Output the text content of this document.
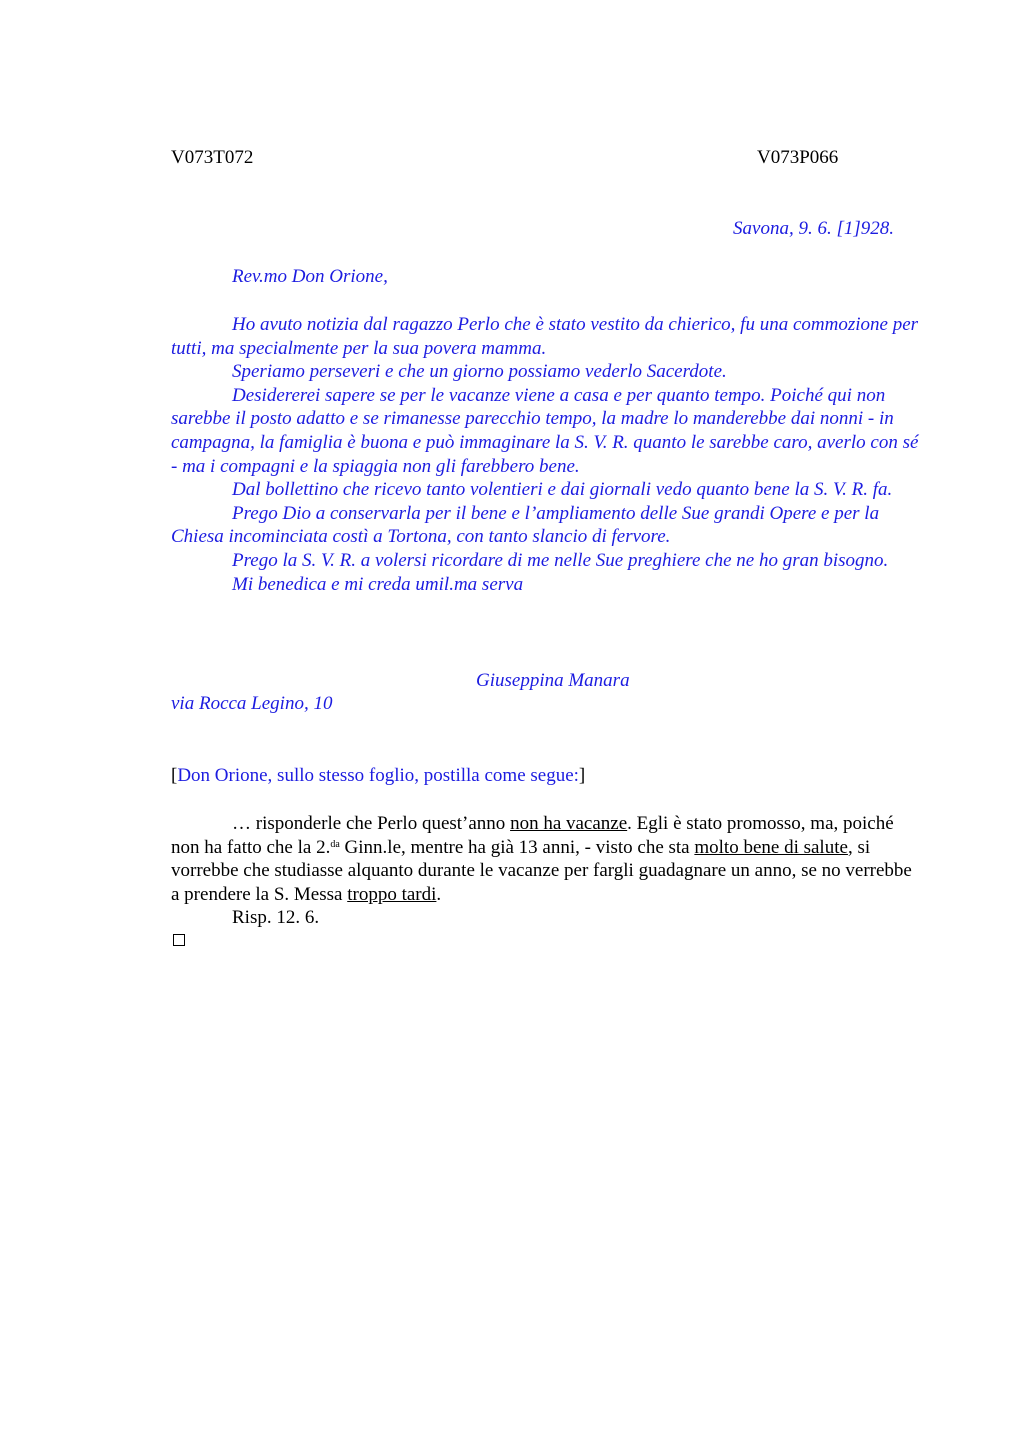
V073T072	V073P066
Savona, 9. 6. [1]928.
Rev.mo Don Orione,
Ho avuto notizia dal ragazzo Perlo che è stato vestito da chierico, fu una commozione per tutti, ma specialmente per la sua povera mamma.
Speriamo perseveri e che un giorno possiamo vederlo Sacerdote.
Desidererei sapere se per le vacanze viene a casa e per quanto tempo. Poiché qui non sarebbe il posto adatto e se rimanesse parecchio tempo, la madre lo manderebbe dai nonni - in campagna, la famiglia è buona e può immaginare la S. V. R. quanto le sarebbe caro, averlo con sé - ma i compagni e la spiaggia non gli farebbero bene.
Dal bollettino che ricevo tanto volentieri e dai giornali vedo quanto bene la S. V. R. fa.
Prego Dio a conservarla per il bene e l’ampliamento delle Sue grandi Opere e per la Chiesa incominciata costì a Tortona, con tanto slancio di fervore.
Prego la S. V. R. a volersi ricordare di me nelle Sue preghiere che ne ho gran bisogno.
Mi benedica e mi creda umil.ma serva
Giuseppina Manara
via Rocca Legino, 10
[Don Orione, sullo stesso foglio, postilla come segue:]
… risponderle che Perlo quest’anno non ha vacanze. Egli è stato promosso, ma, poiché non ha fatto che la 2.$^{da}$ Ginn.le, mentre ha già 13 anni, - visto che sta molto bene di salute, si vorrebbe che studiasse alquanto durante le vacanze per fargli guadagnare un anno, se no verrebbe a prendere la S. Messa troppo tardi.
Risp. 12. 6.
